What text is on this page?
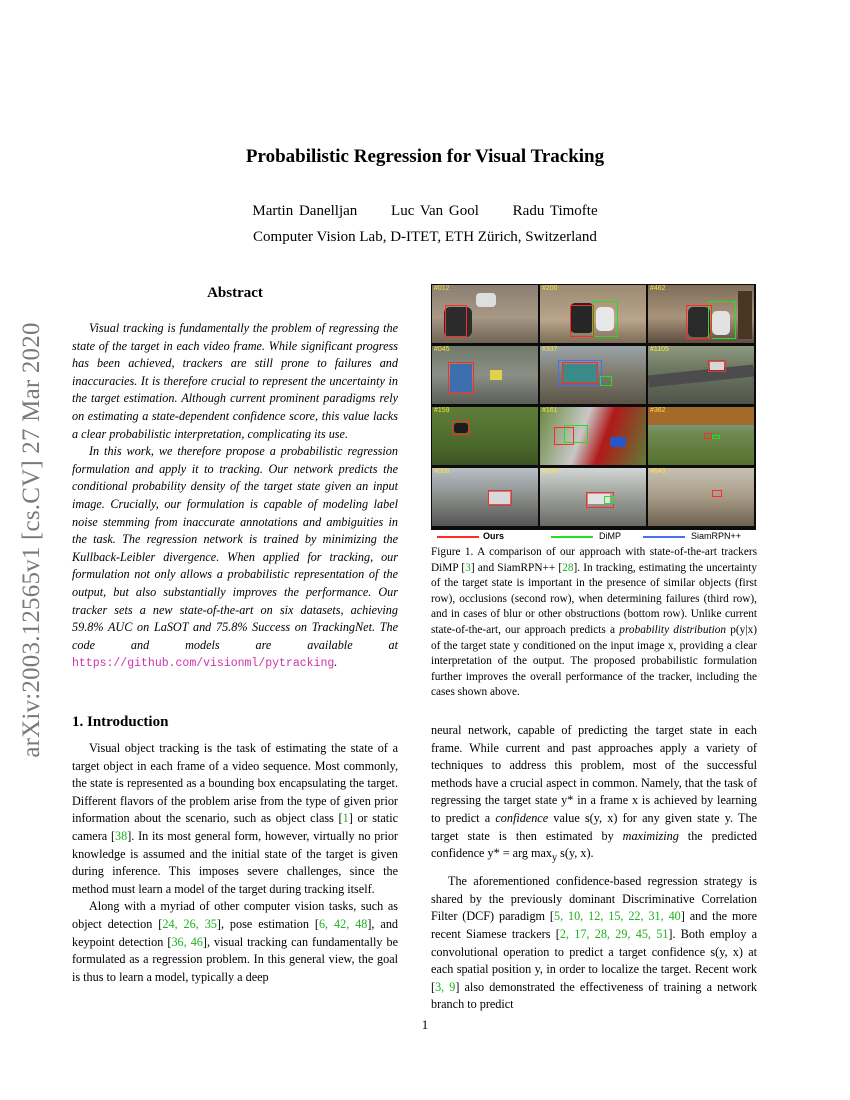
arXiv:2003.12565v1 [cs.CV] 27 Mar 2020
Probabilistic Regression for Visual Tracking
Martin Danelljan Luc Van Gool Radu Timofte
Computer Vision Lab, D-ITET, ETH Zürich, Switzerland
Abstract

Visual tracking is fundamentally the problem of regressing the state of the target in each video frame. While significant progress has been achieved, trackers are still prone to failures and inaccuracies. It is therefore crucial to represent the uncertainty in the target estimation. Although current prominent paradigms rely on estimating a state-dependent confidence score, this value lacks a clear probabilistic interpretation, complicating its use.

In this work, we therefore propose a probabilistic regression formulation and apply it to tracking. Our network predicts the conditional probability density of the target state given an input image. Crucially, our formulation is capable of modeling label noise stemming from inaccurate annotations and ambiguities in the task. The regression network is trained by minimizing the Kullback-Leibler divergence. When applied for tracking, our formulation not only allows a probabilistic representation of the output, but also substantially improves the performance. Our tracker sets a new state-of-the-art on six datasets, achieving 59.8% AUC on LaSOT and 75.8% Success on TrackingNet. The code and models are available at https://github.com/visionml/pytracking.

1. Introduction

Visual object tracking is the task of estimating the state of a target object in each frame of a video sequence. Most commonly, the state is represented as a bounding box encapsulating the target. Different flavors of the problem arise from the type of given prior information about the scenario, such as object class [1] or static camera [38]. In its most general form, however, virtually no prior knowledge is assumed and the initial state of the target is given during inference. This imposes severe challenges, since the method must learn a model of the target during tracking itself.

Along with a myriad of other computer vision tasks, such as object detection [24, 26, 35], pose estimation [6, 42, 48], and keypoint detection [36, 46], visual tracking can fundamentally be formulated as a regression problem. In this general view, the goal is thus to learn a model, typically a deep

#012	#200	#462
#045	#337	#1105
#159	#161	#362
#006	#196	#643
Ours	DiMP	SiamRPN++

Figure 1. A comparison of our approach with state-of-the-art trackers DiMP [3] and SiamRPN++ [28]. In tracking, estimating the uncertainty of the target state is important in the presence of similar objects (first row), occlusions (second row), when determining failures (third row), and in cases of blur or other obstructions (bottom row). Unlike current state-of-the-art, our approach predicts a probability distribution p(y|x) of the target state y conditioned on the input image x, providing a clear interpretation of the output. The proposed probabilistic formulation further improves the overall performance of the tracker, including the cases shown above.

neural network, capable of predicting the target state in each frame. While current and past approaches apply a variety of techniques to address this problem, most of the successful methods have a crucial aspect in common. Namely, that the task of regressing the target state y* in a frame x is achieved by learning to predict a confidence value s(y, x) for any given state y. The target state is then estimated by maximizing the predicted confidence y* = arg $\max_y s(y$, x).

The aforementioned confidence-based regression strategy is shared by the previously dominant Discriminative Correlation Filter (DCF) paradigm [5, 10, 12, 15, 22, 31, 40] and the more recent Siamese trackers [2, 17, 28, 29, 45, 51]. Both employ a convolutional operation to predict a target confidence s(y, x) at each spatial position y, in order to localize the target. Recent work [3, 9] also demonstrated the effectiveness of training a network branch to predict

1
